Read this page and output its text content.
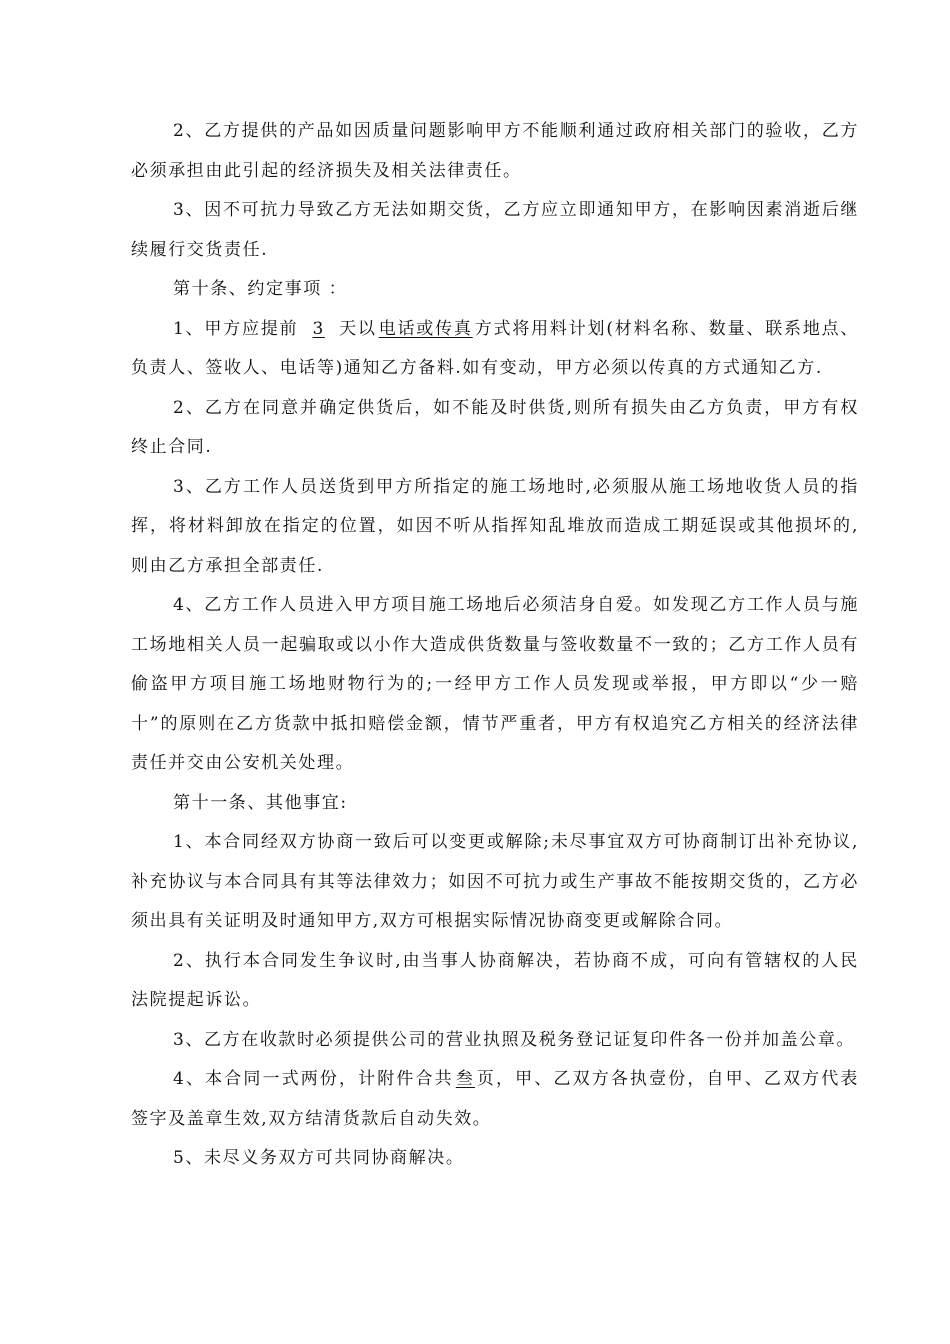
2、乙方提供的产品如因质量问题影响甲方不能顺利通过政府相关部门的验收，乙方必须承担由此引起的经济损失及相关法律责任。

3、因不可抗力导致乙方无法如期交货，乙方应立即通知甲方，在影响因素消逝后继续履行交货责任.

第十条、约定事项 ：

1、甲方应提前 3 天以 电话或传真 方式将用料计划(材料名称、数量、联系地点、负责人、签收人、电话等)通知乙方备料.如有变动，甲方必须以传真的方式通知乙方.

2、乙方在同意并确定供货后，如不能及时供货,则所有损失由乙方负责，甲方有权终止合同.

3、乙方工作人员送货到甲方所指定的施工场地时,必须服从施工场地收货人员的指挥，将材料卸放在指定的位置，如因不听从指挥知乱堆放而造成工期延误或其他损坏的,则由乙方承担全部责任.

4、乙方工作人员进入甲方项目施工场地后必须洁身自爱。如发现乙方工作人员与施工场地相关人员一起骗取或以小作大造成供货数量与签收数量不一致的；乙方工作人员有偷盗甲方项目施工场地财物行为的;一经甲方工作人员发现或举报，甲方即以“少一赔十”的原则在乙方货款中抵扣赔偿金额，情节严重者，甲方有权追究乙方相关的经济法律责任并交由公安机关处理。

第十一条、其他事宜:

1、本合同经双方协商一致后可以变更或解除;未尽事宜双方可协商制订出补充协议,补充协议与本合同具有其等法律效力；如因不可抗力或生产事故不能按期交货的，乙方必须出具有关证明及时通知甲方,双方可根据实际情况协商变更或解除合同。

2、执行本合同发生争议时,由当事人协商解决，若协商不成，可向有管辖权的人民法院提起诉讼。

3、乙方在收款时必须提供公司的营业执照及税务登记证复印件各一份并加盖公章。

4、本合同一式两份，计附件合共 叁 页，甲、乙双方各执壹份，自甲、乙双方代表签字及盖章生效,双方结清货款后自动失效。

5、未尽义务双方可共同协商解决。
